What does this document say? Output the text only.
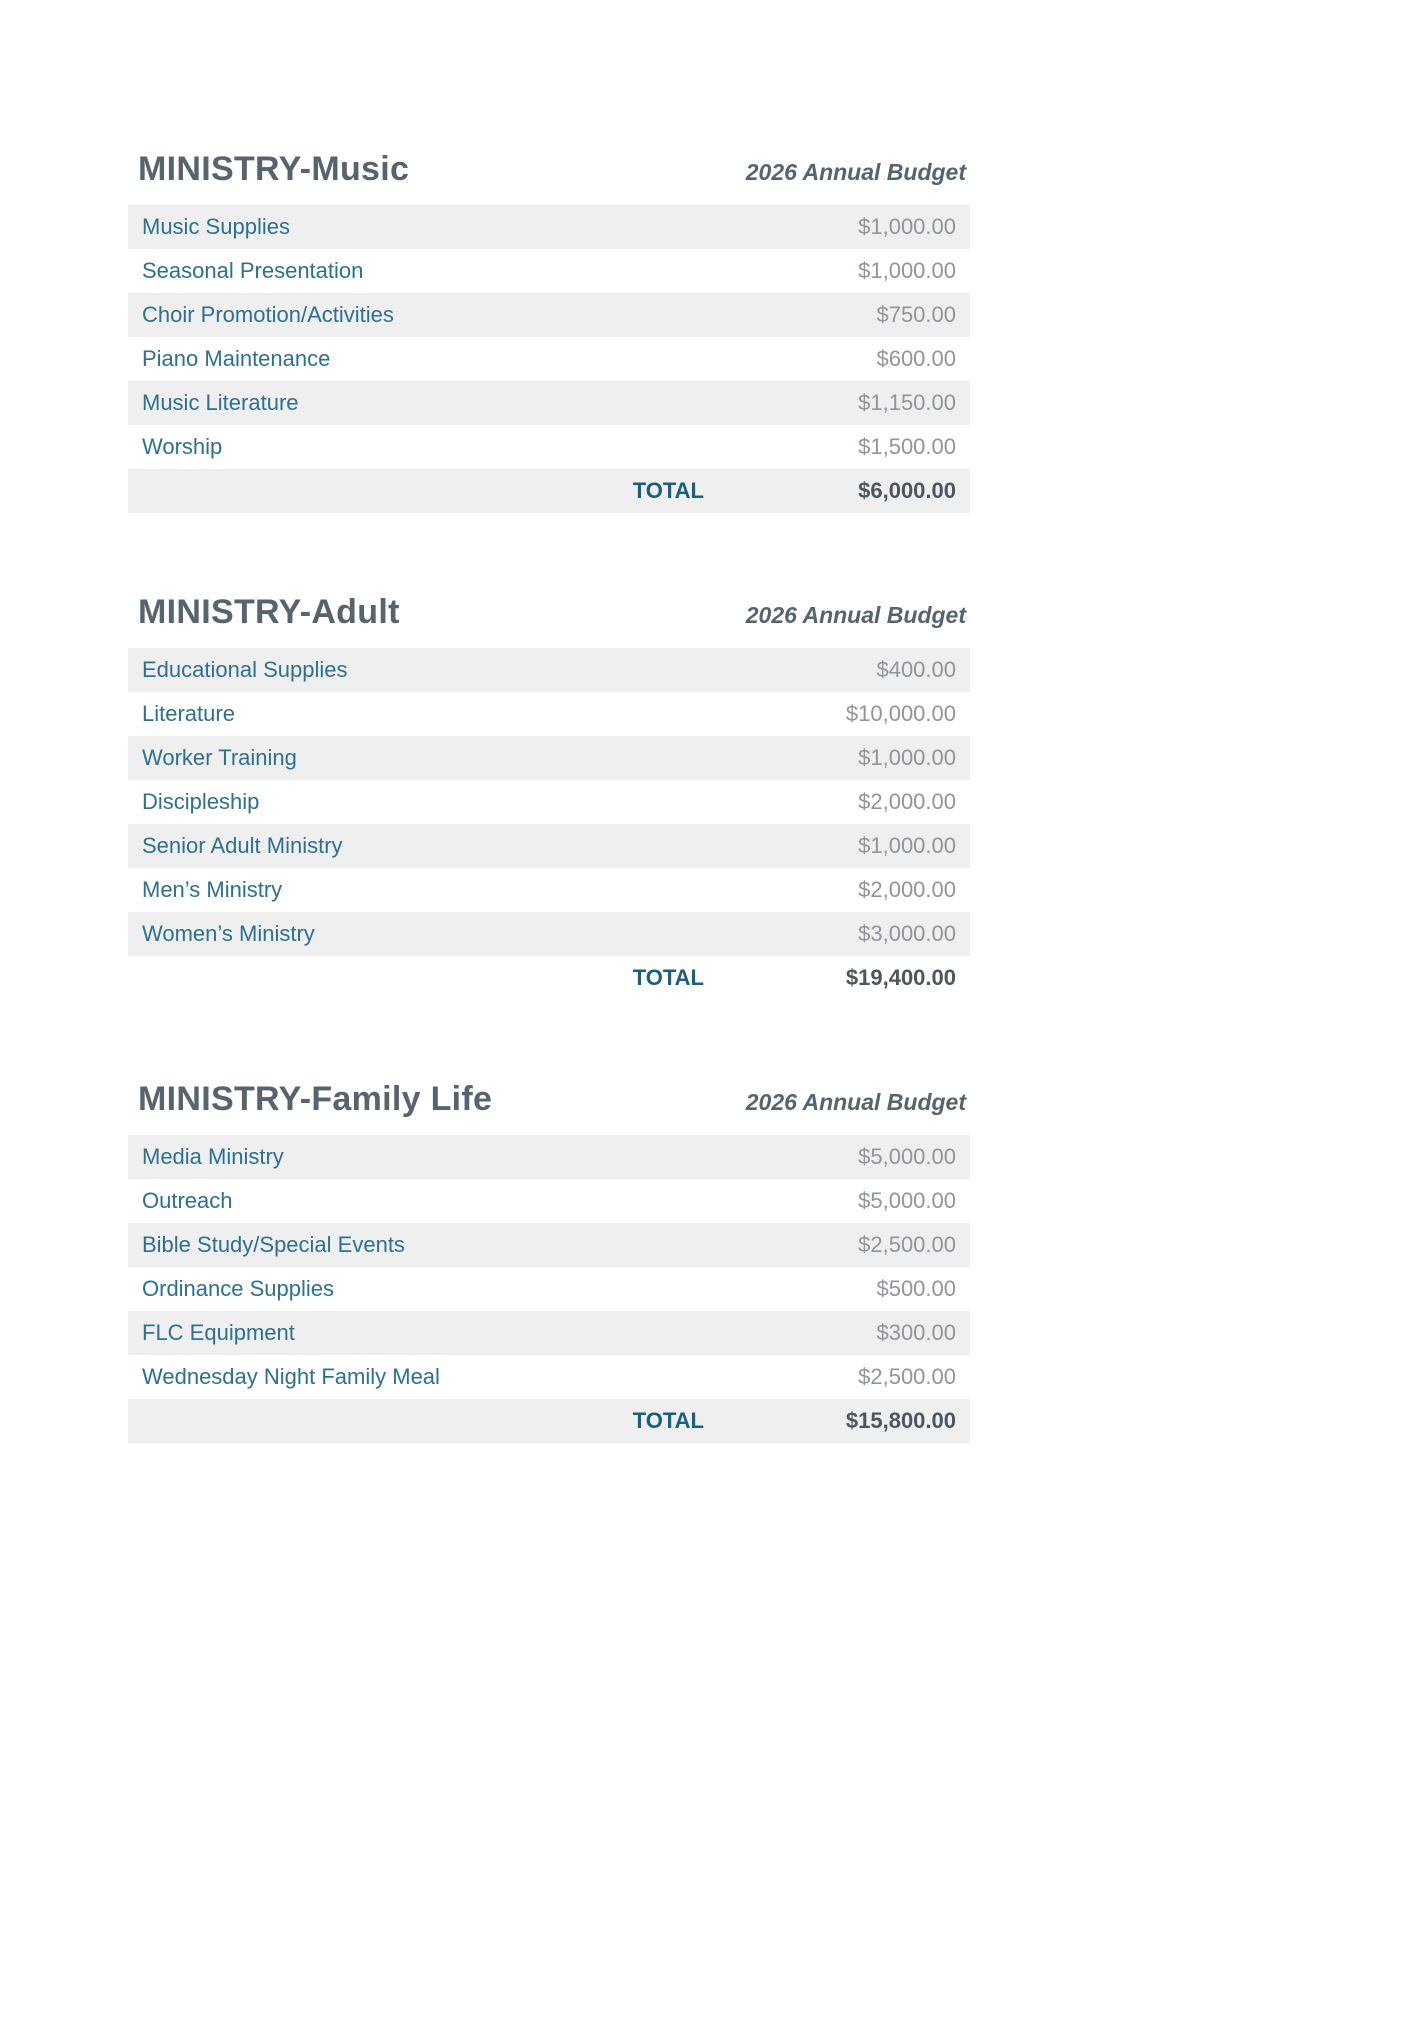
MINISTRY-Music	2026 Annual Budget
Music Supplies	$1,000.00
Seasonal Presentation	$1,000.00
Choir Promotion/Activities	$750.00
Piano Maintenance	$600.00
Music Literature	$1,150.00
Worship	$1,500.00
TOTAL	$6,000.00
MINISTRY-Adult	2026 Annual Budget
Educational Supplies	$400.00
Literature	$10,000.00
Worker Training	$1,000.00
Discipleship	$2,000.00
Senior Adult Ministry	$1,000.00
Men’s Ministry	$2,000.00
Women’s Ministry	$3,000.00
TOTAL	$19,400.00
MINISTRY-Family Life	2026 Annual Budget
Media Ministry	$5,000.00
Outreach	$5,000.00
Bible Study/Special Events	$2,500.00
Ordinance Supplies	$500.00
FLC Equipment	$300.00
Wednesday Night Family Meal	$2,500.00
TOTAL	$15,800.00
